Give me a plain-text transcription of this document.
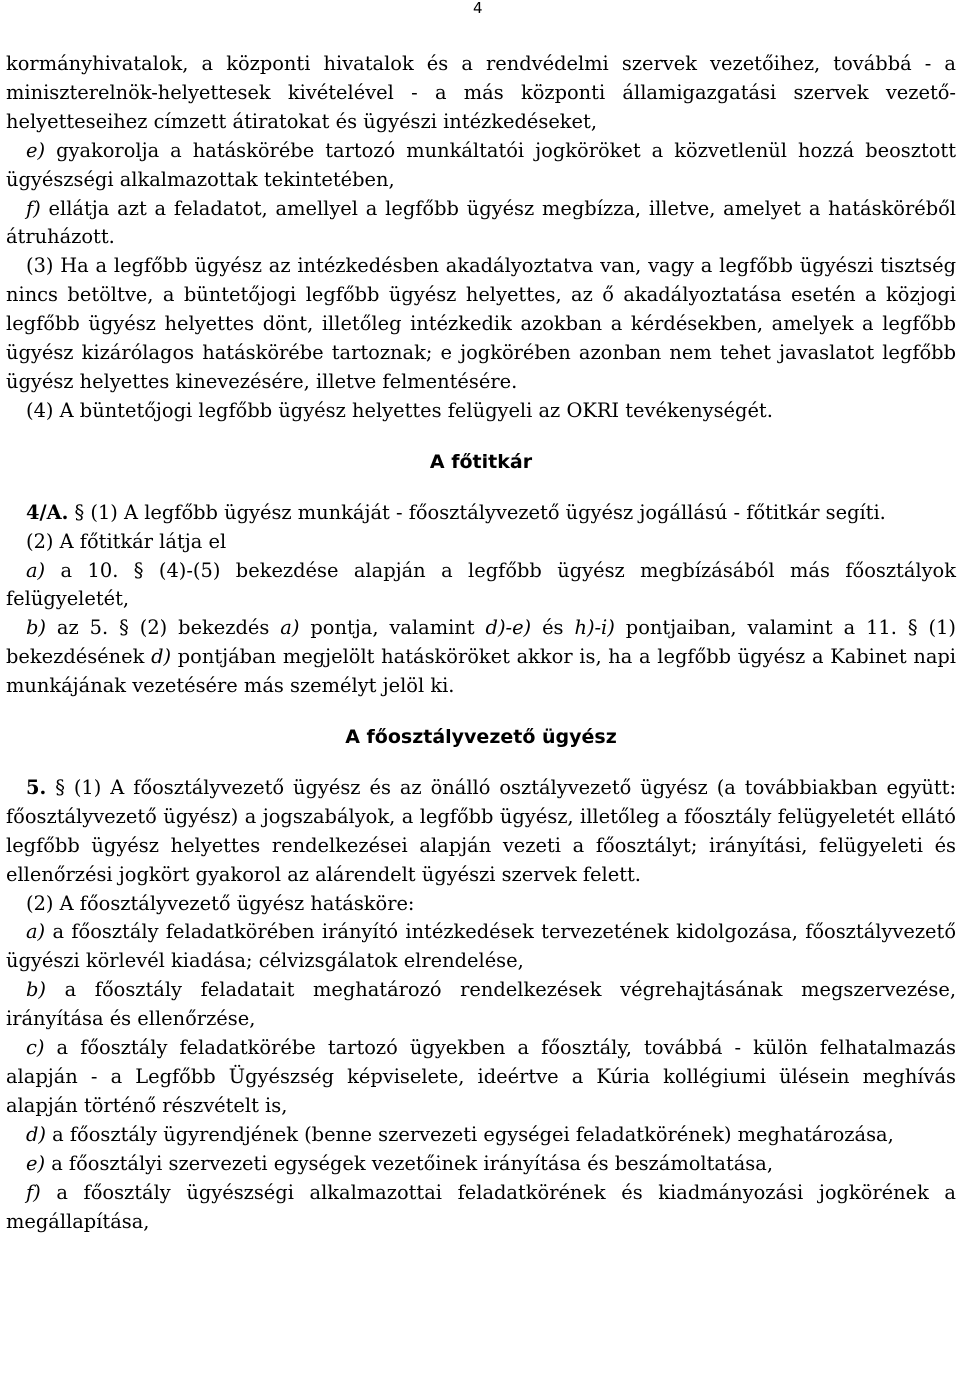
4

kormányhivatalok, a központi hivatalok és a rendvédelmi szervek vezetőihez, továbbá - a miniszterelnök-helyettesek kivételével - a más központi államigazgatási szervek vezető-helyetteseihez címzett átiratokat és ügyészi intézkedéseket,

e) gyakorolja a hatáskörébe tartozó munkáltatói jogköröket a közvetlenül hozzá beosztott ügyészségi alkalmazottak tekintetében,

f) ellátja azt a feladatot, amellyel a legfőbb ügyész megbízza, illetve, amelyet a hatásköréből átruházott.

(3) Ha a legfőbb ügyész az intézkedésben akadályoztatva van, vagy a legfőbb ügyészi tisztség nincs betöltve, a büntetőjogi legfőbb ügyész helyettes, az ő akadályoztatása esetén a közjogi legfőbb ügyész helyettes dönt, illetőleg intézkedik azokban a kérdésekben, amelyek a legfőbb ügyész kizárólagos hatáskörébe tartoznak; e jogkörében azonban nem tehet javaslatot legfőbb ügyész helyettes kinevezésére, illetve felmentésére.

(4) A büntetőjogi legfőbb ügyész helyettes felügyeli az OKRI tevékenységét.

A főtitkár

4/A. § (1) A legfőbb ügyész munkáját - főosztályvezető ügyész jogállású - főtitkár segíti.

(2) A főtitkár látja el

a) a 10. § (4)-(5) bekezdése alapján a legfőbb ügyész megbízásából más főosztályok felügyeletét,

b) az 5. § (2) bekezdés a) pontja, valamint d)-e) és h)-i) pontjaiban, valamint a 11. § (1) bekezdésének d) pontjában megjelölt hatásköröket akkor is, ha a legfőbb ügyész a Kabinet napi munkájának vezetésére más személyt jelöl ki.

A főosztályvezető ügyész

5. § (1) A főosztályvezető ügyész és az önálló osztályvezető ügyész (a továbbiakban együtt: főosztályvezető ügyész) a jogszabályok, a legfőbb ügyész, illetőleg a főosztály felügyeletét ellátó legfőbb ügyész helyettes rendelkezései alapján vezeti a főosztályt; irányítási, felügyeleti és ellenőrzési jogkört gyakorol az alárendelt ügyészi szervek felett.

(2) A főosztályvezető ügyész hatásköre:

a) a főosztály feladatkörében irányító intézkedések tervezetének kidolgozása, főosztályvezető ügyészi körlevél kiadása; célvizsgálatok elrendelése,

b) a főosztály feladatait meghatározó rendelkezések végrehajtásának megszervezése, irányítása és ellenőrzése,

c) a főosztály feladatkörébe tartozó ügyekben a főosztály, továbbá - külön felhatalmazás alapján - a Legfőbb Ügyészség képviselete, ideértve a Kúria kollégiumi ülésein meghívás alapján történő részvételt is,

d) a főosztály ügyrendjének (benne szervezeti egységei feladatkörének) meghatározása,

e) a főosztályi szervezeti egységek vezetőinek irányítása és beszámoltatása,

f) a főosztály ügyészségi alkalmazottai feladatkörének és kiadmányozási jogkörének a megállapítása,
